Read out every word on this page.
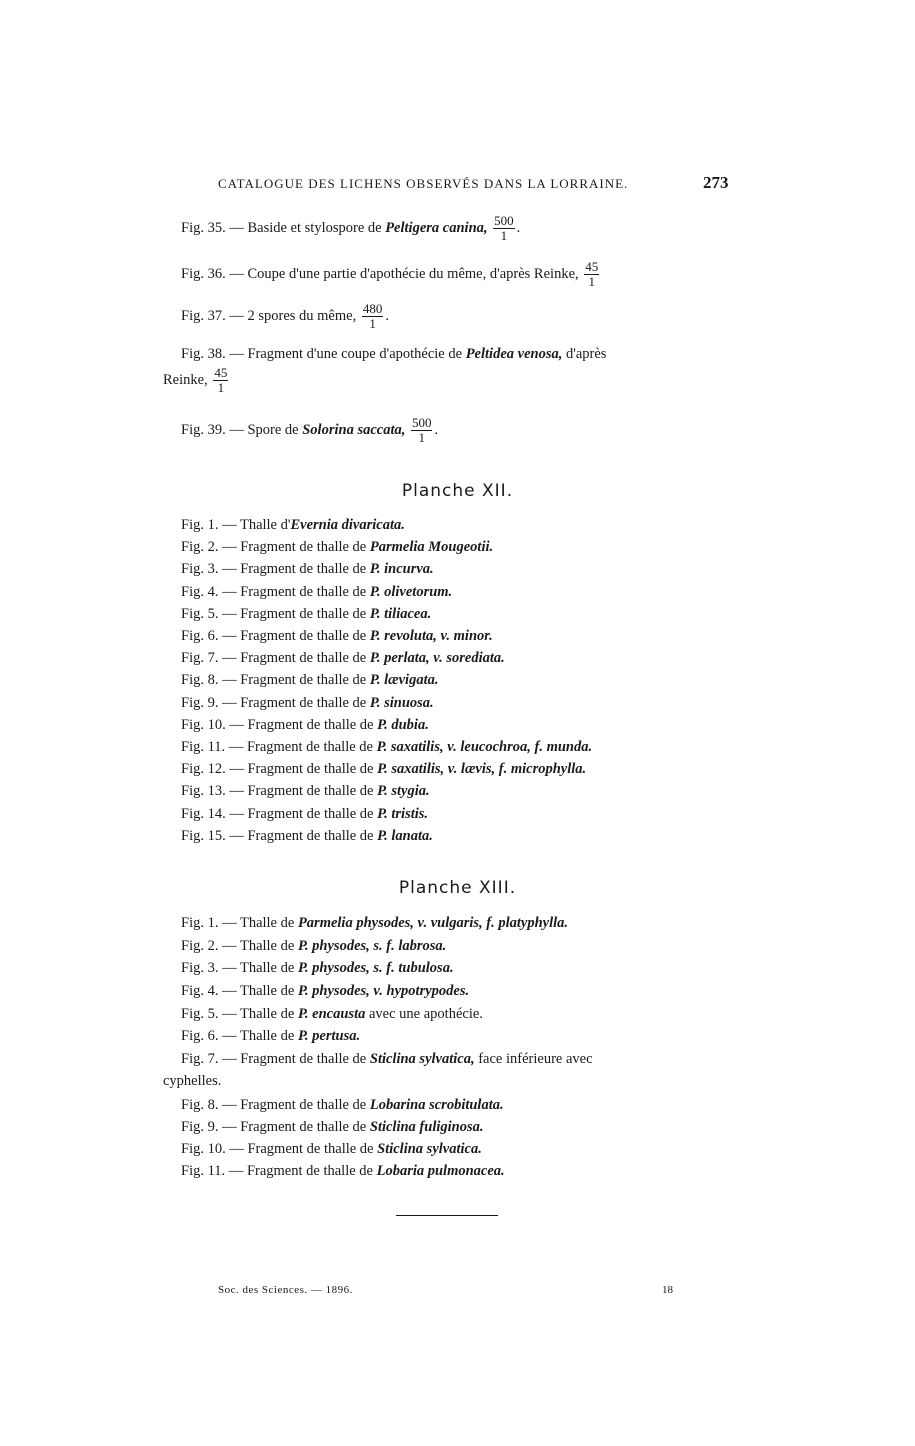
CATALOGUE DES LICHENS OBSERVÉS DANS LA LORRAINE.	273
Fig. 35. — Baside et stylospore de Peltigera canina, $\frac{500}{1}$ .
Fig. 36. — Coupe d'une partie d'apothécie du même, d'après Reinke, $\frac{45}{1}$
Fig. 37. — 2 spores du même, $\frac{480}{1}$ .
Fig. 38. — Fragment d'une coupe d'apothécie de Peltidea venosa, d'après
Reinke, $\frac{45}{1}$
Fig. 39. — Spore de Solorina saccata, $\frac{500}{1}$ .
Planche XII.
Fig. 1. — Thalle d'Evernia divaricata.
Fig. 2. — Fragment de thalle de Parmelia Mougeotii.
Fig. 3. — Fragment de thalle de P. incurva.
Fig. 4. — Fragment de thalle de P. olivetorum.
Fig. 5. — Fragment de thalle de P. tiliacea.
Fig. 6. — Fragment de thalle de P. revoluta, v. minor.
Fig. 7. — Fragment de thalle de P. perlata, v. sorediata.
Fig. 8. — Fragment de thalle de P. lævigata.
Fig. 9. — Fragment de thalle de P. sinuosa.
Fig. 10. — Fragment de thalle de P. dubia.
Fig. 11. — Fragment de thalle de P. saxatilis, v. leucochroa, f. munda.
Fig. 12. — Fragment de thalle de P. saxatilis, v. lævis, f. microphylla.
Fig. 13. — Fragment de thalle de P. stygia.
Fig. 14. — Fragment de thalle de P. tristis.
Fig. 15. — Fragment de thalle de P. lanata.
Planche XIII.
Fig. 1. — Thalle de Parmelia physodes, v. vulgaris, f. platyphylla.
Fig. 2. — Thalle de P. physodes, s. f. labrosa.
Fig. 3. — Thalle de P. physodes, s. f. tubulosa.
Fig. 4. — Thalle de P. physodes, v. hypotrypodes.
Fig. 5. — Thalle de P. encausta avec une apothécie.
Fig. 6. — Thalle de P. pertusa.
Fig. 7. — Fragment de thalle de Sticlina sylvatica, face inférieure avec
cyphelles.
Fig. 8. — Fragment de thalle de Lobarina scrobitulata.
Fig. 9. — Fragment de thalle de Sticlina fuliginosa.
Fig. 10. — Fragment de thalle de Sticlina sylvatica.
Fig. 11. — Fragment de thalle de Lobaria pulmonacea.
Soc. des Sciences. — 1896.	18
